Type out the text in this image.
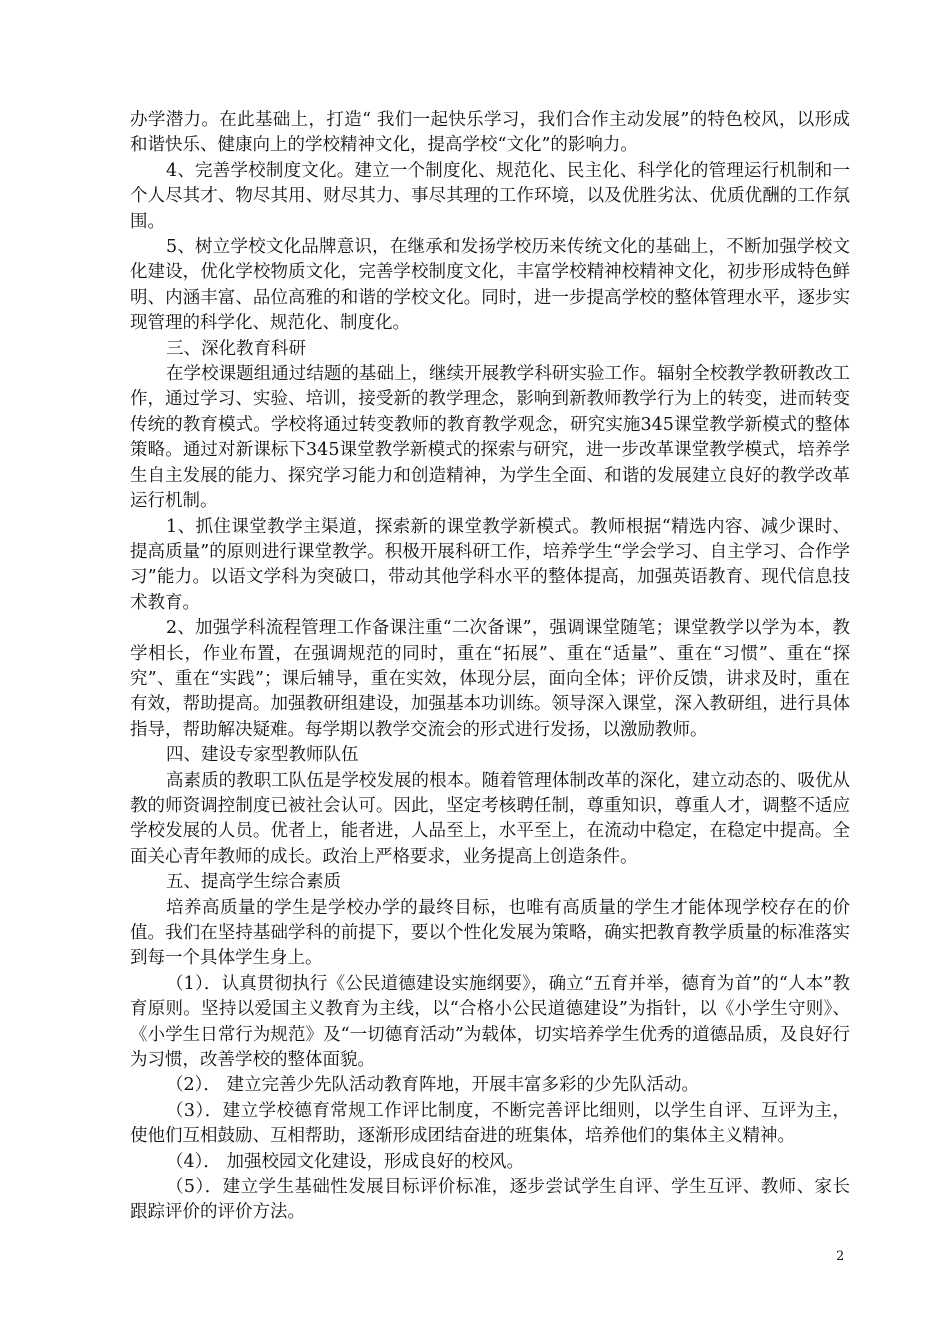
办学潜力。在此基础上，打造“ 我们一起快乐学习，我们合作主动发展”的特色校风，以形成和谐快乐、健康向上的学校精神文化，提高学校“文化”的影响力。

4、完善学校制度文化。建立一个制度化、规范化、民主化、科学化的管理运行机制和一个人尽其才、物尽其用、财尽其力、事尽其理的工作环境，以及优胜劣汰、优质优酬的工作氛围。

5、树立学校文化品牌意识，在继承和发扬学校历来传统文化的基础上，不断加强学校文化建设，优化学校物质文化，完善学校制度文化，丰富学校精神校精神文化，初步形成特色鲜明、内涵丰富、品位高雅的和谐的学校文化。同时，进一步提高学校的整体管理水平，逐步实现管理的科学化、规范化、制度化。

三、深化教育科研

在学校课题组通过结题的基础上，继续开展教学科研实验工作。辐射全校教学教研教改工作，通过学习、实验、培训，接受新的教学理念，影响到新教师教学行为上的转变，进而转变传统的教育模式。学校将通过转变教师的教育教学观念，研究实施345课堂教学新模式的整体策略。通过对新课标下345课堂教学新模式的探索与研究，进一步改革课堂教学模式，培养学生自主发展的能力、探究学习能力和创造精神，为学生全面、和谐的发展建立良好的教学改革运行机制。

1、抓住课堂教学主渠道，探索新的课堂教学新模式。教师根据“精选内容、减少课时、提高质量”的原则进行课堂教学。积极开展科研工作，培养学生“学会学习、自主学习、合作学习”能力。以语文学科为突破口，带动其他学科水平的整体提高，加强英语教育、现代信息技术教育。

2、加强学科流程管理工作备课注重“二次备课”，强调课堂随笔；课堂教学以学为本，教学相长，作业布置，在强调规范的同时，重在“拓展”、重在“适量”、重在“习惯”、重在“探究”、重在“实践”；课后辅导，重在实效，体现分层，面向全体；评价反馈，讲求及时，重在有效，帮助提高。加强教研组建设，加强基本功训练。领导深入课堂，深入教研组，进行具体指导，帮助解决疑难。每学期以教学交流会的形式进行发扬，以激励教师。

四、建设专家型教师队伍

高素质的教职工队伍是学校发展的根本。随着管理体制改革的深化，建立动态的、吸优从教的师资调控制度已被社会认可。因此，坚定考核聘任制，尊重知识，尊重人才，调整不适应学校发展的人员。优者上，能者进，人品至上，水平至上，在流动中稳定，在稳定中提高。全面关心青年教师的成长。政治上严格要求，业务提高上创造条件。

五、提高学生综合素质

培养高质量的学生是学校办学的最终目标，也唯有高质量的学生才能体现学校存在的价值。我们在坚持基础学科的前提下，要以个性化发展为策略，确实把教育教学质量的标准落实到每一个具体学生身上。

（1）．认真贯彻执行《公民道德建设实施纲要》，确立“五育并举，德育为首”的“人本”教育原则。坚持以爱国主义教育为主线，以“合格小公民道德建设”为指针，以《小学生守则》、《小学生日常行为规范》及“一切德育活动”为载体，切实培养学生优秀的道德品质，及良好行为习惯，改善学校的整体面貌。

（2）． 建立完善少先队活动教育阵地，开展丰富多彩的少先队活动。

（3）．建立学校德育常规工作评比制度，不断完善评比细则，以学生自评、互评为主，使他们互相鼓励、互相帮助，逐渐形成团结奋进的班集体，培养他们的集体主义精神。

（4）． 加强校园文化建设，形成良好的校风。

（5）．建立学生基础性发展目标评价标准，逐步尝试学生自评、学生互评、教师、家长跟踪评价的评价方法。

2
